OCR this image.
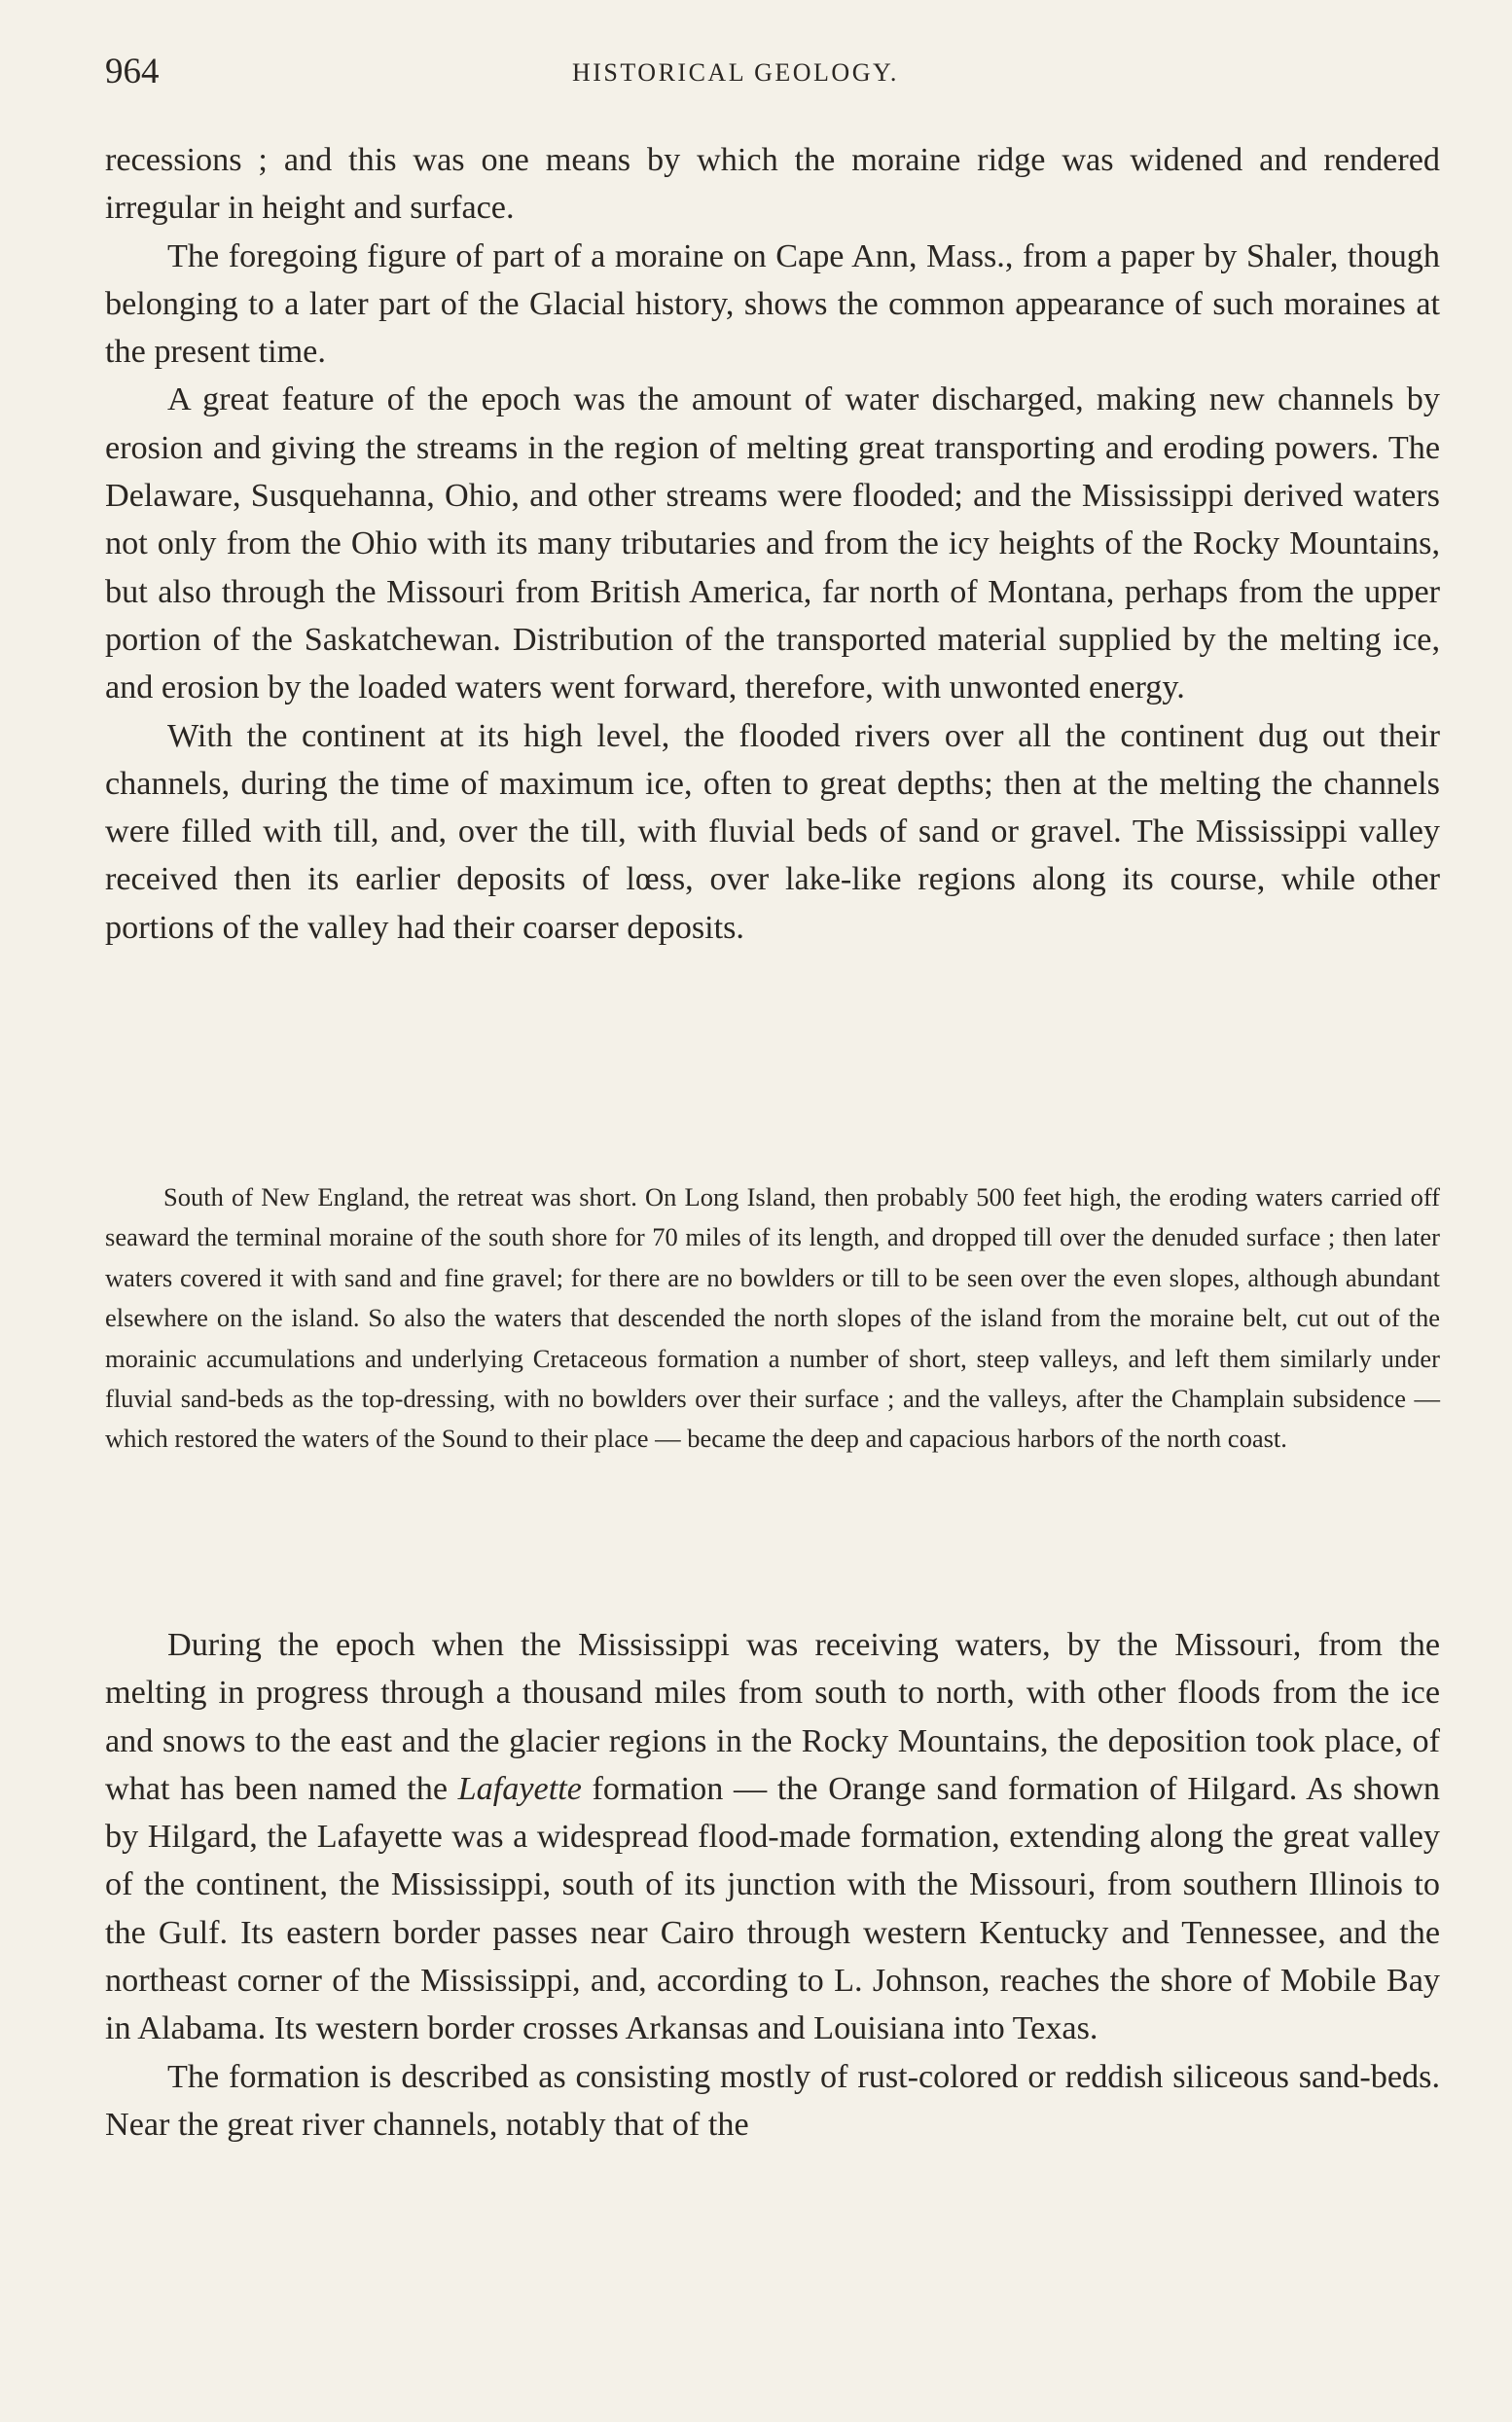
964	HISTORICAL GEOLOGY.

recessions ; and this was one means by which the moraine ridge was widened and rendered irregular in height and surface.

The foregoing figure of part of a moraine on Cape Ann, Mass., from a paper by Shaler, though belonging to a later part of the Glacial history, shows the common appearance of such moraines at the present time.

A great feature of the epoch was the amount of water discharged, making new channels by erosion and giving the streams in the region of melting great transporting and eroding powers. The Delaware, Susquehanna, Ohio, and other streams were flooded; and the Mississippi derived waters not only from the Ohio with its many tributaries and from the icy heights of the Rocky Mountains, but also through the Missouri from British America, far north of Montana, perhaps from the upper portion of the Saskatchewan. Distribution of the transported material supplied by the melting ice, and erosion by the loaded waters went forward, therefore, with unwonted energy.

With the continent at its high level, the flooded rivers over all the continent dug out their channels, during the time of maximum ice, often to great depths; then at the melting the channels were filled with till, and, over the till, with fluvial beds of sand or gravel. The Mississippi valley received then its earlier deposits of lœss, over lake-like regions along its course, while other portions of the valley had their coarser deposits.

South of New England, the retreat was short. On Long Island, then probably 500 feet high, the eroding waters carried off seaward the terminal moraine of the south shore for 70 miles of its length, and dropped till over the denuded surface ; then later waters covered it with sand and fine gravel; for there are no bowlders or till to be seen over the even slopes, although abundant elsewhere on the island. So also the waters that descended the north slopes of the island from the moraine belt, cut out of the morainic accumulations and underlying Cretaceous formation a number of short, steep valleys, and left them similarly under fluvial sand-beds as the top-dressing, with no bowlders over their surface ; and the valleys, after the Champlain subsidence — which restored the waters of the Sound to their place — became the deep and capacious harbors of the north coast.

During the epoch when the Mississippi was receiving waters, by the Missouri, from the melting in progress through a thousand miles from south to north, with other floods from the ice and snows to the east and the glacier regions in the Rocky Mountains, the deposition took place, of what has been named the Lafayette formation — the Orange sand formation of Hilgard. As shown by Hilgard, the Lafayette was a widespread flood-made formation, extending along the great valley of the continent, the Mississippi, south of its junction with the Missouri, from southern Illinois to the Gulf. Its eastern border passes near Cairo through western Kentucky and Tennessee, and the northeast corner of the Mississippi, and, according to L. Johnson, reaches the shore of Mobile Bay in Alabama. Its western border crosses Arkansas and Louisiana into Texas.

The formation is described as consisting mostly of rust-colored or reddish siliceous sand-beds. Near the great river channels, notably that of the
